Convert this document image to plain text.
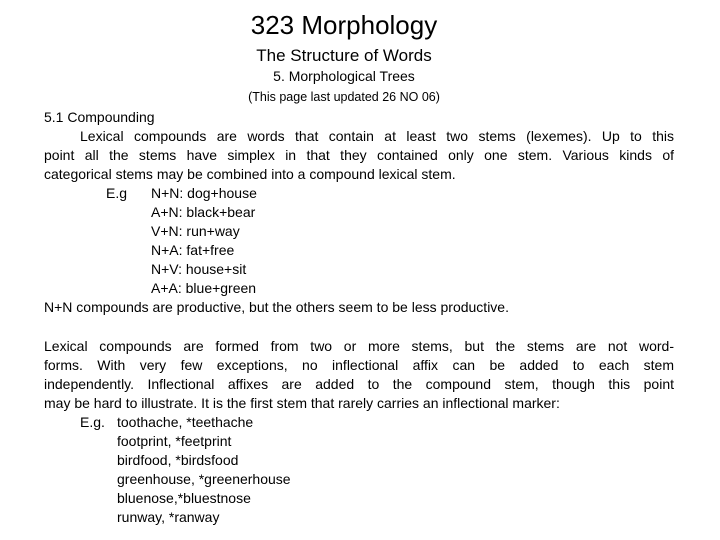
323 Morphology
The Structure of Words
5. Morphological Trees
(This page last updated 26 NO 06)
5.1 Compounding
Lexical compounds are words that contain at least two stems (lexemes). Up to this
point all the stems have simplex in that they contained only one stem. Various kinds of
categorical stems may be combined into a compound lexical stem.
E.g N+N: dog+house
A+N: black+bear
V+N: run+way
N+A: fat+free
N+V: house+sit
A+A: blue+green
N+N compounds are productive, but the others seem to be less productive.
Lexical compounds are formed from two or more stems, but the stems are not word-
forms. With very few exceptions, no inflectional affix can be added to each stem
independently. Inflectional affixes are added to the compound stem, though this point
may be hard to illustrate. It is the first stem that rarely carries an inflectional marker:
E.g. toothache, *teethache
footprint, *feetprint
birdfood, *birdsfood
greenhouse, *greenerhouse
bluenose,*bluestnose
runway, *ranway
